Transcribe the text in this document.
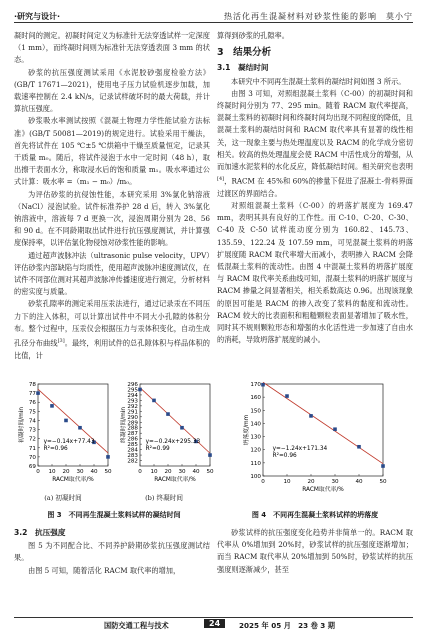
·研究与设计·	热活化再生混凝材料对砂浆性能的影响　莫小宁

凝时间的测定。初凝时间定义为标准针无法穿透试样一定深度（1 mm），而终凝时间则为标准针无法穿透表面 3 mm 的状态。

砂浆的抗压强度测试采用《水泥胶砂强度检验方法》(GB/T 17671—2021)，使用电子压力试验机逐步加载，加载速率控制在 2.4 kN/s，记录试样破坏时的最大荷载，并计算抗压强度。

砂浆吸水率测试按照《混凝土物理力学性能试验方法标准》(GB/T 50081—2019)的规定进行。试验采用干燥法，首先将试件在 105 ℃±5 ℃烘箱中干燥至质量恒定，记录其干质量 m₀。随后，将试件浸泡于水中一定时间（48 h），取出擦干表面水分，称取浸水后的饱和质量 m₁。吸水率通过公式计算：吸水率 =（m₁ − m₀）/m₀。

为评估砂浆的抗侵蚀性能，本研究采用 3%氯化钠溶液（NaCl）浸泡试验。试件标准养护 28 d 后，转入 3%氯化钠溶液中，溶液每 7 d 更换一次，浸泡周期分别为 28、56 和 90 d。在不同龄期取出试件进行抗压强度测试，并计算强度保持率，以评估氯化物侵蚀对砂浆性能的影响。

通过超声波脉冲法（ultrasonic pulse velocity，UPV）评估砂浆内部缺陷与均质性，使用超声波脉冲速度测试仪，在试件不同部位测对其超声波脉冲传播速度进行测定，分析材料的密实度与质量。

砂浆孔隙率的测定采用压汞法进行，通过记录汞在不同压力下的注入体积，可以计算出试件中不同大小孔隙的体积分布。整个过程中，压汞仪会根据压力与汞体积变化，自动生成孔径分布曲线[3]。最终，利用试件的总孔隙体积与样品体积的比值，计

算得到砂浆的孔隙率。

3　结果分析
3.1　凝结时间

本研究中不同再生混凝土浆料的凝结时间如图 3 所示。

由图 3 可知，对照组混凝土浆料（C-00）的初凝时间和终凝时间分别为 77、295 min。随着 RACM 取代率提高，混凝土浆料的初凝时间和终凝时间均出现不同程度的降低，且混凝土浆料的凝结时间和 RACM 取代率具有显著的线性相关，这一现象主要与热处理温度以及 RACM 的化学成分密切相关。较高的热处理温度会使 RACM 中活性成分的增强，从而加速水泥浆料的水化反应，降低凝结时间。相关研究也表明[4]，RACM 在 45%和 60%的掺量下促进了混凝土-骨料界面过渡区的界面结合。

对照组混凝土浆料（C-00）的坍落扩展度为 169.47 mm，表明其具有良好的工作性。而 C-10、C-20、C-30、C-40 及 C-50 试样流动度分别为 160.82、145.73、135.59、122.24 及 107.59 mm，可见混凝土浆料的坍落扩展度随 RACM 取代率增大而减小，表明掺入 RACM 会降低混凝土浆料的流动性。由图 4 中混凝土浆料的坍落扩展度与 RACM 取代率关系曲线可知，混凝土浆料的坍落扩展度与 RACM 掺量之间显著相关，相关系数高达 0.96。出现该现象的原因可能是 RACM 的掺入改变了浆料的黏度和流动性。RACM 较大的比表面积和粗糙颗粒表面显著增加了吸水性，同时其不规则颗粒形态和增强的水化活性进一步加速了自由水的消耗，导致坍落扩展度的减小。

69
70
71
72
73
74
75
76
77
78
0 10 20 30 40 50
RACM取代率/%
初凝时间/min	y=−0.14x+77.43
R²=0.96
(a) 初凝时间
282
283
284
285
286
287
288
289
290
291
292
293
294
295
296
0 10 20 30 40 50
RACM取代率/%
终凝时间/min	y=−0.24x+295.33
R²=0.99
(b) 终凝时间
100
110
120
130
140
150
160
170
0	10	20	30	40	50
RACM取代率/%
坍落度/mm
y=−1.24x+171.34
R²=0.96
图 3　不同再生混凝土浆料试样的凝结时间	图 4　不同再生混凝土浆料试样的坍落度
3.2　抗压强度

图 5 为不同配合比、不同养护龄期砂浆抗压强度测试结果。

由图 5 可知，随着活化 RACM 取代率的增加，

砂浆试样的抗压强度变化趋势并非简单一的。RACM 取代率从 0%增加到 20%时，砂浆试样的抗压强度逐渐增加；而当 RACM 取代率从 20%增加到 50%时，砂浆试样的抗压强度则逐渐减少，甚至

国防交通工程与技术	24	2025 年 05 月　23 卷 3 期
